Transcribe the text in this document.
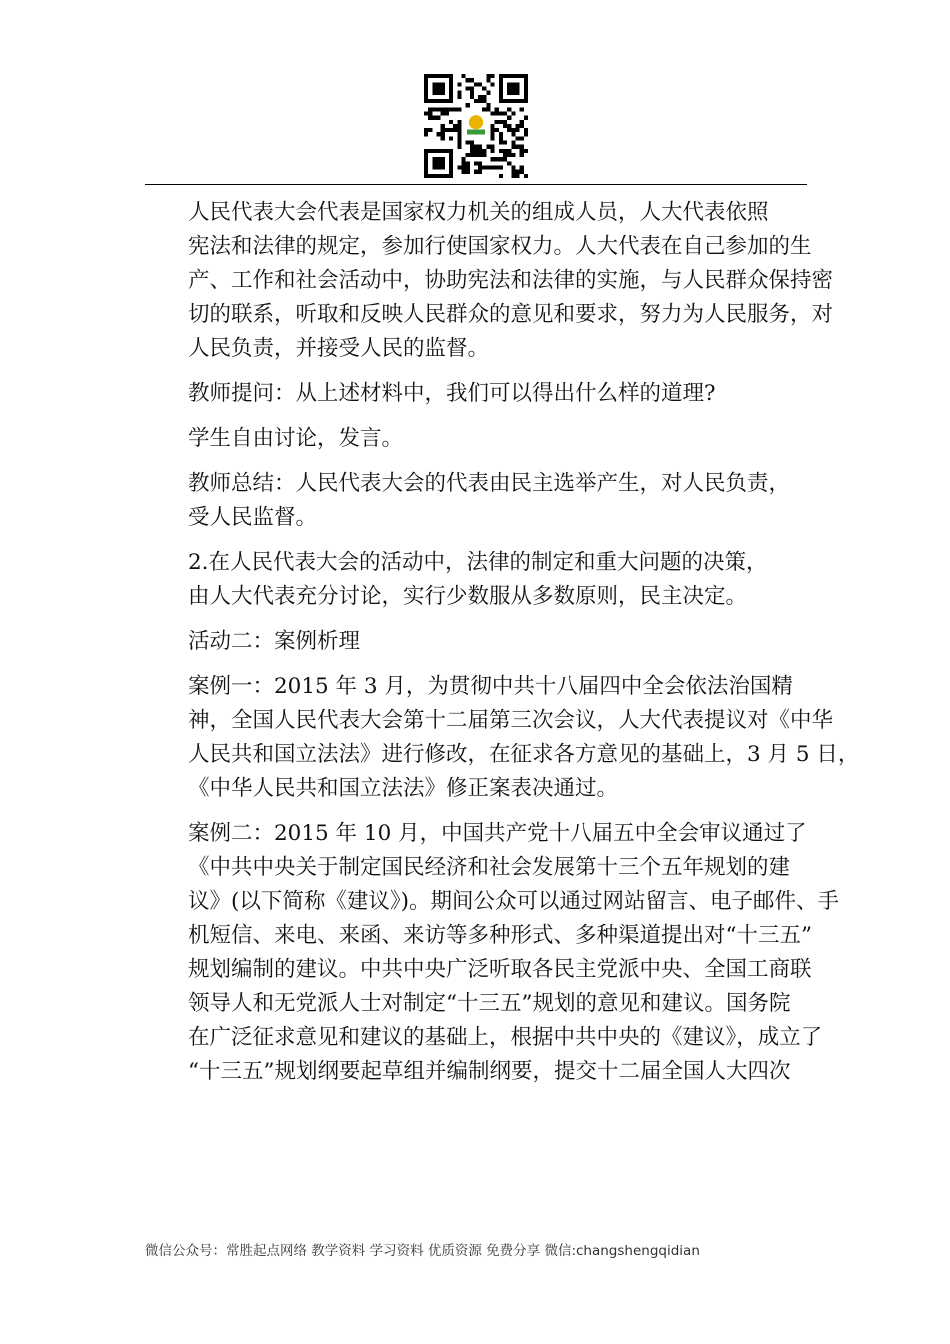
人民代表大会代表是国家权力机关的组成人员，人大代表依照
宪法和法律的规定，参加行使国家权力。人大代表在自己参加的生
产、工作和社会活动中，协助宪法和法律的实施，与人民群众保持密
切的联系，听取和反映人民群众的意见和要求，努力为人民服务，对
人民负责，并接受人民的监督。

教师提问：从上述材料中，我们可以得出什么样的道理?

学生自由讨论，发言。

教师总结：人民代表大会的代表由民主选举产生，对人民负责，
受人民监督。

2.在人民代表大会的活动中，法律的制定和重大问题的决策，
由人大代表充分讨论，实行少数服从多数原则，民主决定。

活动二：案例析理

案例一：2015 年 3 月，为贯彻中共十八届四中全会依法治国精
神，全国人民代表大会第十二届第三次会议，人大代表提议对《中华
人民共和国立法法》进行修改，在征求各方意见的基础上，3 月 5 日，
《中华人民共和国立法法》修正案表决通过。

案例二：2015 年 10 月，中国共产党十八届五中全会审议通过了
《中共中央关于制定国民经济和社会发展第十三个五年规划的建
议》(以下简称《建议》)。期间公众可以通过网站留言、电子邮件、手
机短信、来电、来函、来访等多种形式、多种渠道提出对“十三五”
规划编制的建议。中共中央广泛听取各民主党派中央、全国工商联
领导人和无党派人士对制定“十三五”规划的意见和建议。国务院
在广泛征求意见和建议的基础上，根据中共中央的《建议》，成立了
“十三五”规划纲要起草组并编制纲要，提交十二届全国人大四次

微信公众号：常胜起点网络 教学资料 学习资料 优质资源 免费分享 微信:changshengqidian
